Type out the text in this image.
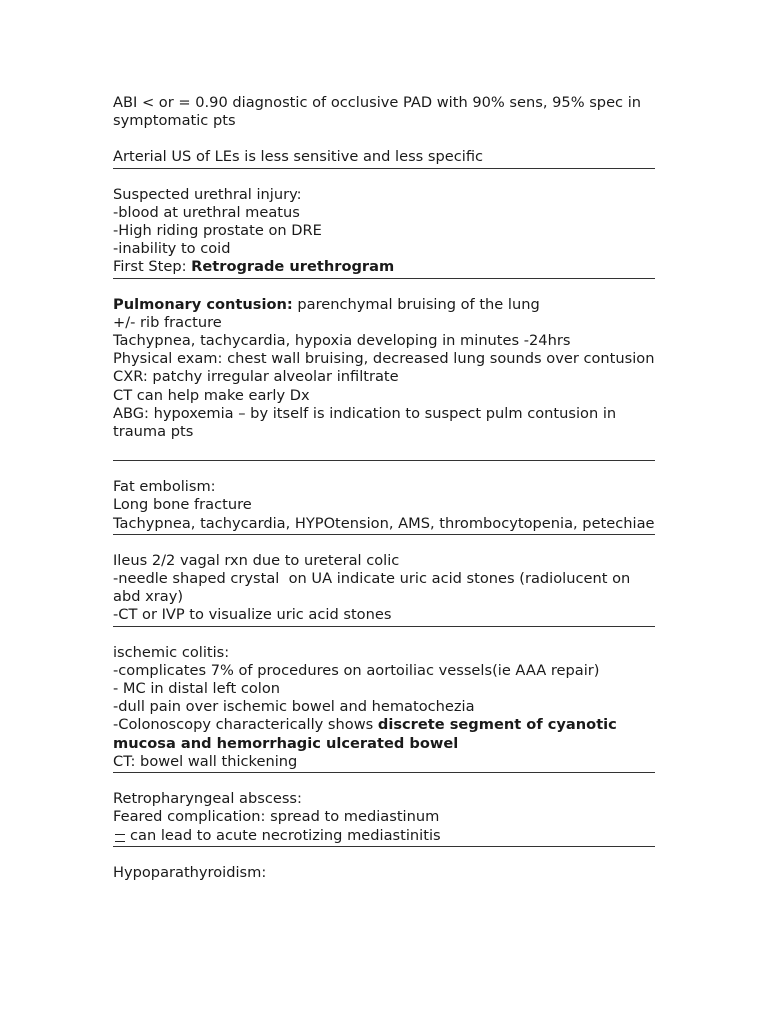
ABI < or = 0.90 diagnostic of occlusive PAD with 90% sens, 95% spec in symptomatic pts

Arterial US of LEs is less sensitive and less specific

Suspected urethral injury:

-blood at urethral meatus

-High riding prostate on DRE

-inability to coid

First Step: Retrograde urethrogram

Pulmonary contusion: parenchymal bruising of the lung

+/- rib fracture

Tachypnea, tachycardia, hypoxia developing in minutes -24hrs

Physical exam: chest wall bruising, decreased lung sounds over contusion

CXR: patchy irregular alveolar infiltrate

CT can help make early Dx

ABG: hypoxemia – by itself is indication to suspect pulm contusion in trauma pts

Fat embolism:

Long bone fracture

Tachypnea, tachycardia, HYPOtension, AMS, thrombocytopenia, petechiae

Ileus 2/2 vagal rxn due to ureteral colic

-needle shaped crystal  on UA indicate uric acid stones (radiolucent on abd xray)

-CT or IVP to visualize uric acid stones

ischemic colitis:

-complicates 7% of procedures on aortoiliac vessels(ie AAA repair)

- MC in distal left colon

-dull pain over ischemic bowel and hematochezia

-Colonoscopy characterically shows discrete segment of cyanotic mucosa and hemorrhagic ulcerated bowel

CT: bowel wall thickening

Retropharyngeal abscess:

Feared complication: spread to mediastinum

can lead to acute necrotizing mediastinitis

Hypoparathyroidism:
